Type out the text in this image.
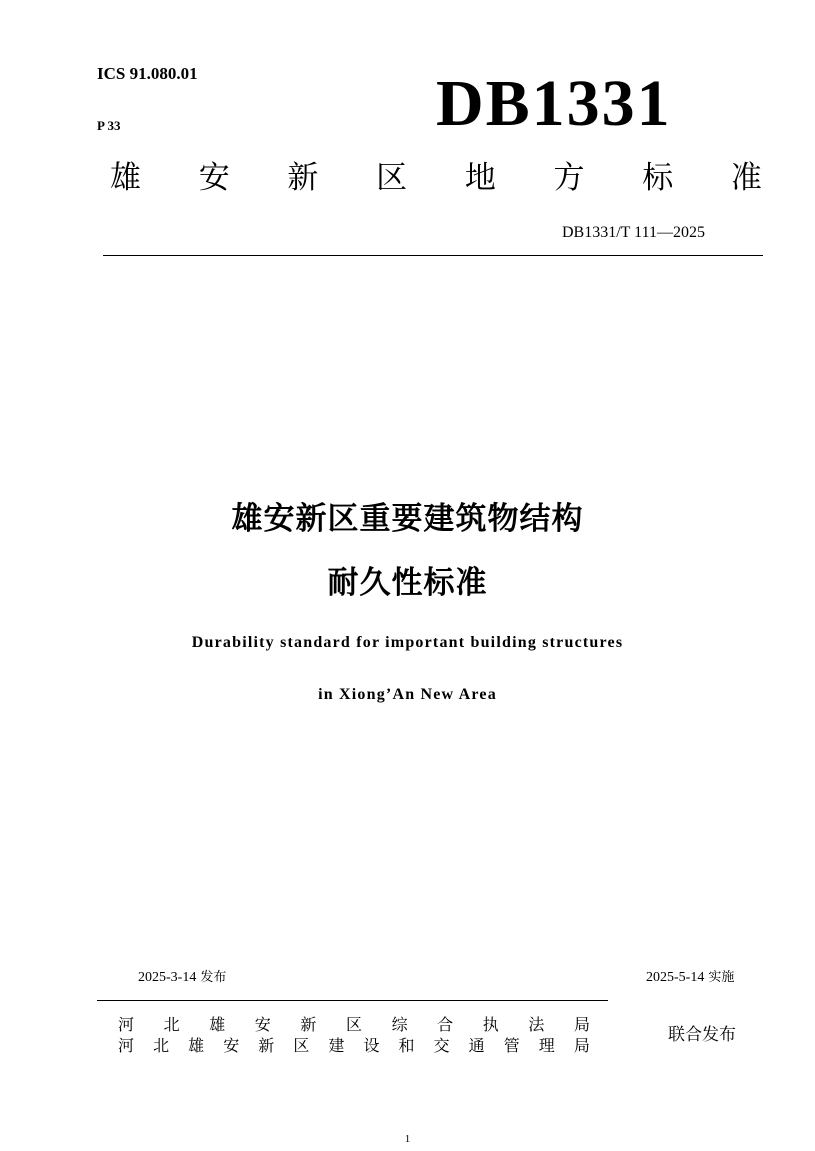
ICS 91.080.01
P 33	DB1331
雄 安 新 区 地 方 标 准
DB1331/T 111—2025
雄安新区重要建筑物结构
耐久性标准
Durability standard for important building structures
in Xiong’An New Area
2025-3-14 发布	2025-5-14 实施
河 北 雄 安 新 区 综 合 执 法 局
河 北 雄 安 新 区 建 设 和 交 通 管 理 局
联合发布
1
